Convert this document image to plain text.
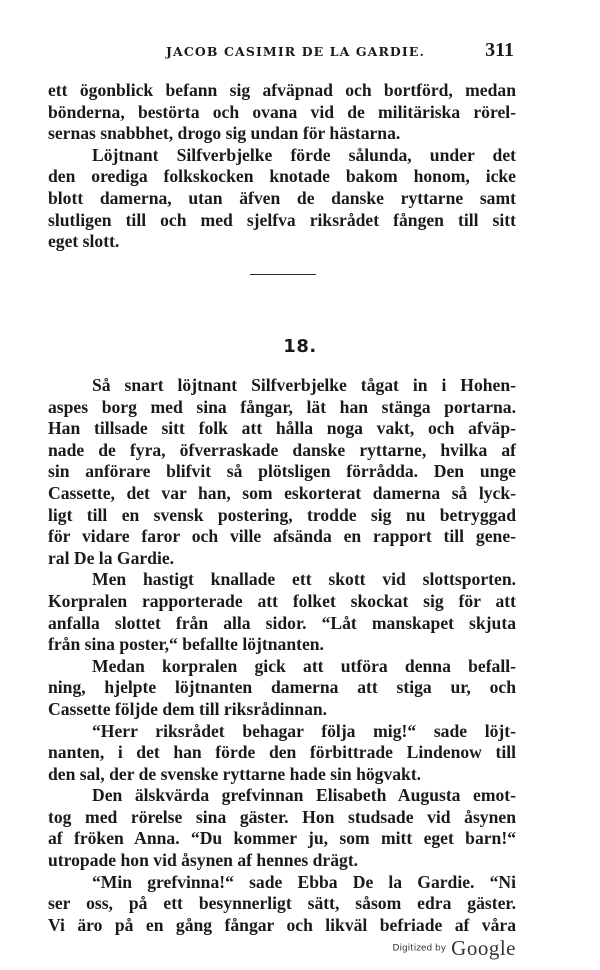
JACOB CASIMIR DE LA GARDIE.	311

ett ögonblick befann sig afväpnad och bortförd, medan

bönderna, bestörta och ovana vid de militäriska rörel-

sernas snabbhet, drogo sig undan för hästarna.

Löjtnant Silfverbjelke förde sålunda, under det

den oredigа folkskocken knotade bakom honom, icke

blott damerna, utan äfven de danske ryttarne samt

slutligen till och med sjelfva riksrådet fången till sitt

eget slott.

18.

Så snart löjtnant Silfverbjelke tågat in i Hohen-

aspes borg med sina fångar, lät han stänga portarna.

Han tillsade sitt folk att hålla noga vakt, och afväp-

nade de fyra, öfverraskade danske ryttarne, hvilka af

sin anförare blifvit så plötsligen förrådda. Den unge

Cassette, det var han, som eskorterat damerna så lyck-

ligt till en svensk postering, trodde sig nu betryggad

för vidare faror och ville afsända en rapport till gene-

ral De la Gardie.

Men hastigt knallade ett skott vid slottsporten.

Korpralen rapporterade att folket skockat sig för att

anfalla slottet från alla sidor. “Låt manskapet skjuta

från sina poster,“ befallte löjtnanten.

Medan korpralen gick att utföra denna befall-

ning, hjelpte löjtnanten damerna att stiga ur, och

Cassette följde dem till riksrådinnan.

“Herr riksrådet behagar följa mig!“ sade löjt-

nanten, i det han förde den förbittrade Lindenow till

den sal, der de svenske ryttarne hade sin högvakt.

Den älskvärda grefvinnan Elisabeth Augusta emot-

tog med rörelse sina gäster. Hon studsade vid åsynen

af fröken Anna. “Du kommer ju, som mitt eget barn!“

utropade hon vid åsynen af hennes drägt.

“Min grefvinna!“ sade Ebba De la Gardie. “Ni

ser oss, på ett besynnerligt sätt, såsom edra gäster.

Vi äro på en gång fångar och likväl befriade af våra

Digitized by Google
